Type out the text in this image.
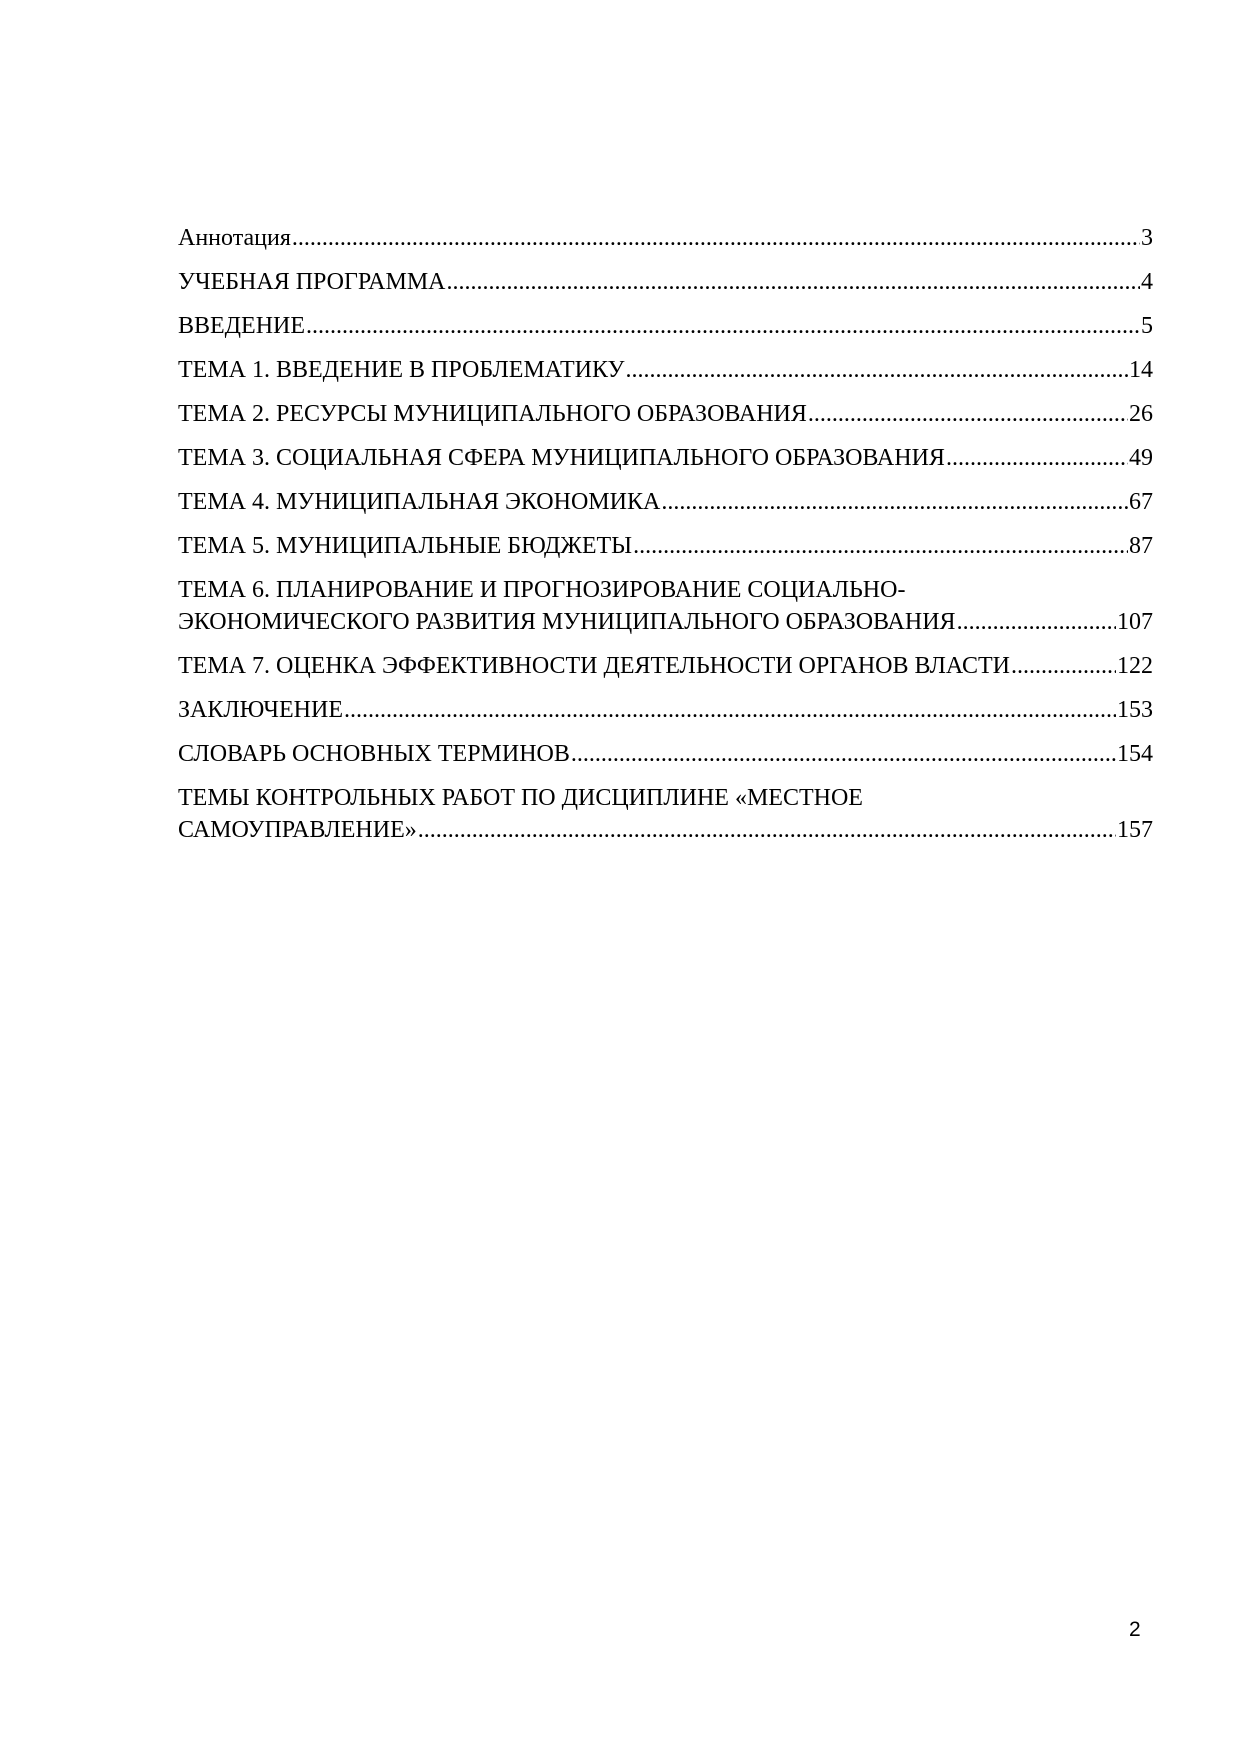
Аннотация .....	3
УЧЕБНАЯ ПРОГРАММА .....	4
ВВЕДЕНИЕ .....	5
ТЕМА 1. ВВЕДЕНИЕ В ПРОБЛЕМАТИКУ .....	14
ТЕМА 2. РЕСУРСЫ МУНИЦИПАЛЬНОГО ОБРАЗОВАНИЯ .....	26
ТЕМА 3. СОЦИАЛЬНАЯ СФЕРА МУНИЦИПАЛЬНОГО ОБРАЗОВАНИЯ .....	49
ТЕМА 4. МУНИЦИПАЛЬНАЯ ЭКОНОМИКА .....	67
ТЕМА 5. МУНИЦИПАЛЬНЫЕ БЮДЖЕТЫ .....	87
ТЕМА 6. ПЛАНИРОВАНИЕ И ПРОГНОЗИРОВАНИЕ СОЦИАЛЬНО-
ЭКОНОМИЧЕСКОГО РАЗВИТИЯ МУНИЦИПАЛЬНОГО ОБРАЗОВАНИЯ .....	107
ТЕМА 7. ОЦЕНКА ЭФФЕКТИВНОСТИ ДЕЯТЕЛЬНОСТИ ОРГАНОВ ВЛАСТИ .....	122
ЗАКЛЮЧЕНИЕ .....	153
СЛОВАРЬ ОСНОВНЫХ ТЕРМИНОВ .....	154
ТЕМЫ КОНТРОЛЬНЫХ РАБОТ ПО ДИСЦИПЛИНЕ «МЕСТНОЕ
САМОУПРАВЛЕНИЕ» .....	157
2
